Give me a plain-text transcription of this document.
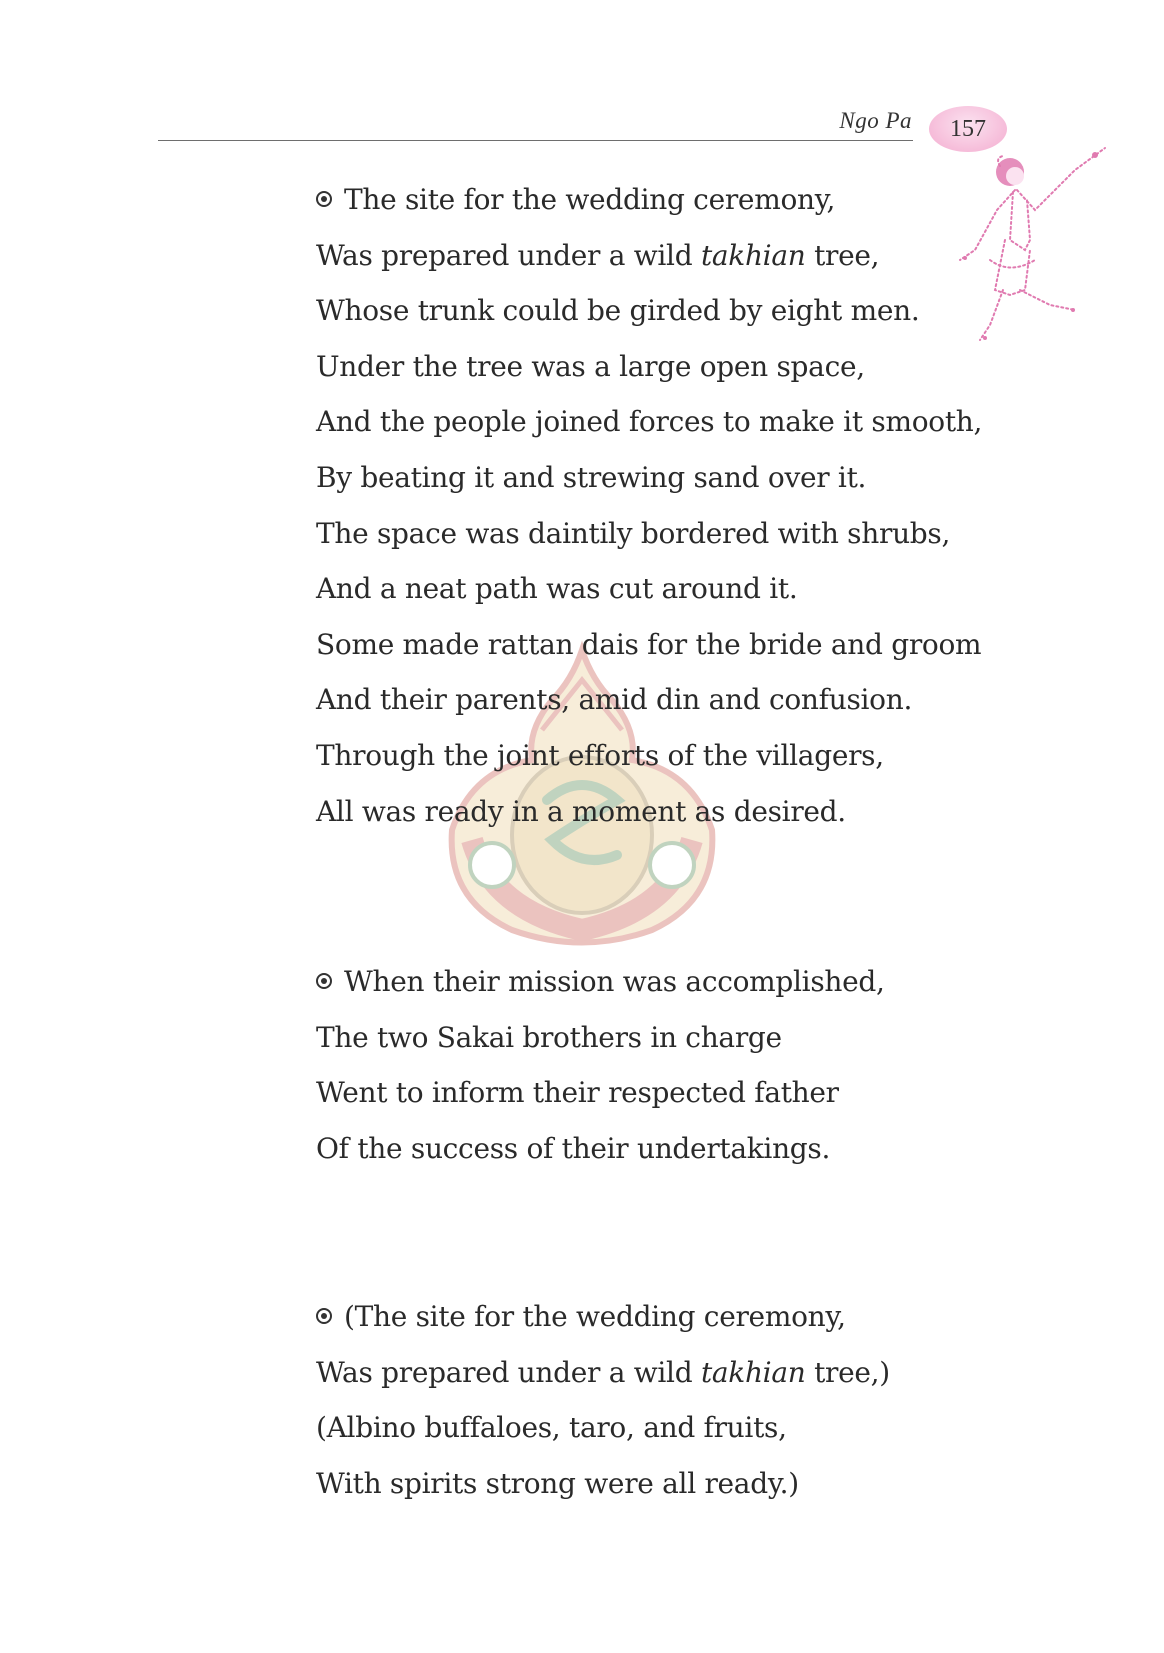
Ngo Pa 157
The site for the wedding ceremony,
Was prepared under a wild takhian tree,
Whose trunk could be girded by eight men.
Under the tree was a large open space,
And the people joined forces to make it smooth,
By beating it and strewing sand over it.
The space was daintily bordered with shrubs,
And a neat path was cut around it.
Some made rattan dais for the bride and groom
And their parents, amid din and confusion.
Through the joint efforts of the villagers,
All was ready in a moment as desired.
When their mission was accomplished,
The two Sakai brothers in charge
Went to inform their respected father
Of the success of their undertakings.
(The site for the wedding ceremony,
Was prepared under a wild takhian tree,)
(Albino buffaloes, taro, and fruits,
With spirits strong were all ready.)
